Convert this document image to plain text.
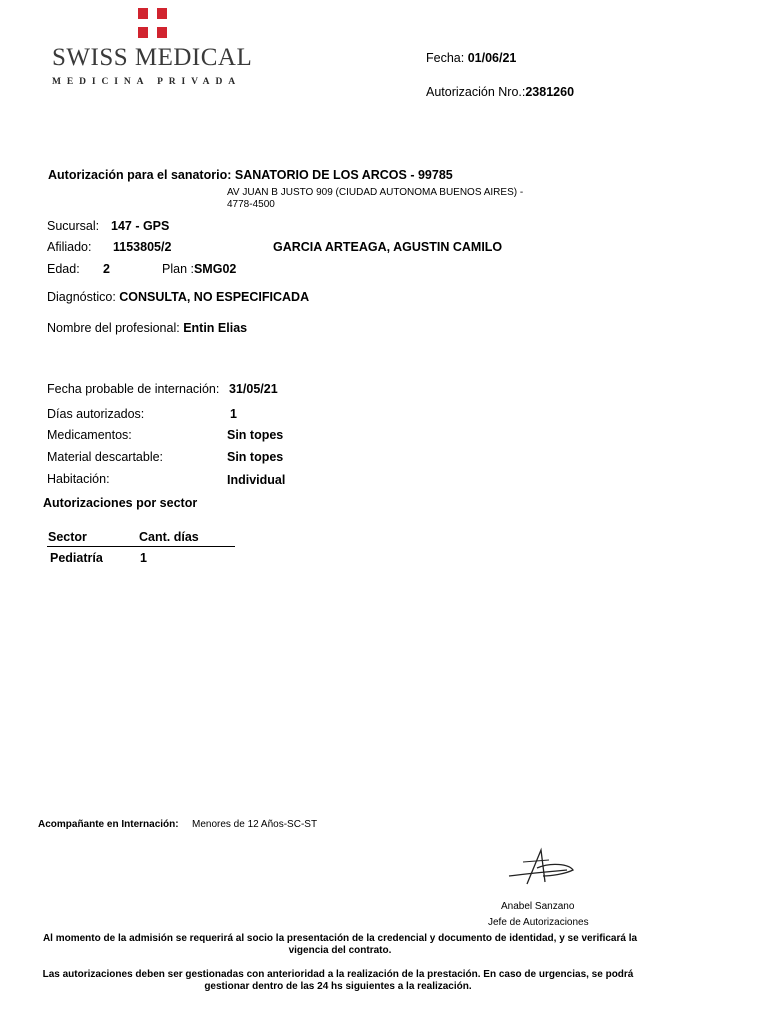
SWISS MEDICAL
MEDICINA PRIVADA
Fecha: 01/06/21
Autorización Nro.:2381260
Autorización para el sanatorio: SANATORIO DE LOS ARCOS - 99785
AV JUAN B JUSTO 909 (CIUDAD AUTONOMA BUENOS AIRES) -
4778-4500
Sucursal: 147 - GPS
Afiliado: 1153805/2	GARCIA ARTEAGA, AGUSTIN CAMILO
Edad: 2	Plan :SMG02
Diagnóstico: CONSULTA, NO ESPECIFICADA
Nombre del profesional: Entin Elias
Fecha probable de internación: 31/05/21
Días autorizados:	1
Medicamentos:	Sin topes
Material descartable:	Sin topes
Habitación:	Individual
Autorizaciones por sector
Sector	Cant. días
Pediatría	1
Acompañante en Internación: Menores de 12 Años-SC-ST
Anabel Sanzano
Jefe de Autorizaciones
Al momento de la admisión se requerirá al socio la presentación de la credencial y documento de identidad, y se verificará la vigencia del contrato.
Las autorizaciones deben ser gestionadas con anterioridad a la realización de la prestación. En caso de urgencias, se podrá gestionar dentro de las 24 hs siguientes a la realización.
